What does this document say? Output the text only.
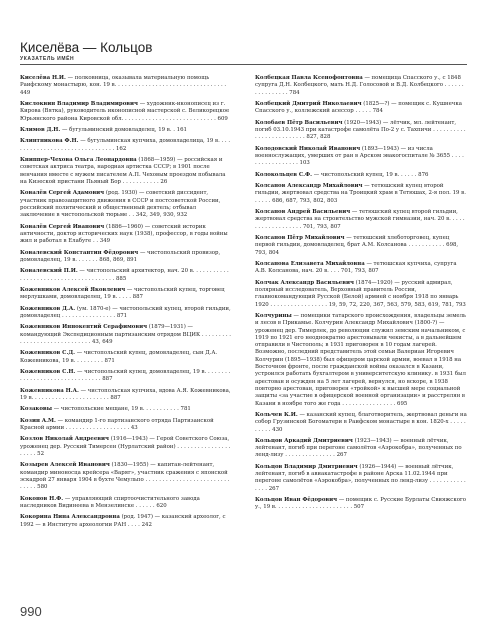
Киселёва — Кольцов
УКАЗАТЕЛЬ ИМЁН
Киселёва Н.И. — полковница, оказывала материальную помощь Раифскому монастырю, кон. 19 в. . . . . . . . . . . . . . . . . . . . . . . . . . . . . . . . . 449
Кислоквин Владимир Владимирович — художник-иконописец из г. Кирова (Вятка), руководитель иконописной мастерской с. Великорецкое Юрьянского района Кировской обл. . . . . . . . . . . . . . . . . . . . . . . . . . . . 609
Климов Д.Н. — бугульминский домовладелец, 19 в. . 161
Клинтникова Ф.Н. — бугульминская купчиха, домовладелица, 19 в. . . . . . . . . . . . . . . . . . . . . . . . . . . . . . . . 162
Книппер-Чехова Ольга Леонардовна (1868—1959) — российская и советская актриса театра, народная артистка СССР; в 1901 после венчания вместе с мужем писателем А.П. Чеховым проездом побывала на Кизеской пристани Пьяный Бор . . . . . . . . . . . 26
Ковалёв Сергей Адамович (род. 1930) — советский диссидент, участник правозащитного движения в СССР и постсоветской России, российский политический и общественный деятель; отбывал заключение в чистопольской тюрьме . . 342, 349, 930, 932
Ковалёв Сергей Иванович (1886—1960) — советский историк античности, доктор исторических наук (1938), профессор, в годы войны жил и работал в Елабуге . . 349
Ковалевский Константин Фёдорович — чистопольский провизор, домовладелец, 19 в. . . . . . . 868, 869, 891
Ковалевский П.И. — чистопольский архитектор, нач. 20 в. . . . . . . . . . . . . . . . . . . . . . . . . . . . . . . . . . . . . . . 885
Кожевников Алексей Яковлевич — чистопольский купец, торговец мерлушками, домовладелец, 19 в. . . . . 887
Кожевников Д.А. (ум. 1870-е) — чистопольский купец, второй гильдии, домовладелец . . . . . . . . . . . . . . . . 871
Кожевников Иннокентий Серафимович (1879—1931) — командующий Экспедиционным партизанским отрядом ВЦИК . . . . . . . . . . . . . . . . . . . . . . . . . . . . . . 43, 649
Кожевников С.Д. — чистопольский купец, домовладелец, сын Д.А. Кожевникова, 19 в. . . . . . . . . 871
Кожевников С.Н. — чистопольский купец, домовладелец, 19 в. . . . . . . . . . . . . . . . . . . . . . . . . . . . . . . . 887
Кожевникова Н.А. — чистопольская купчиха, вдова А.Я. Кожевникова, 19 в. . . . . . . . . . . . . . . . . . . . . . . 887
Козаковы — чистопольские мещане, 19 в. . . . . . . . . . . 781
Козин А.М. — командир 1-го партизанского отряда Партизанской Красной армии . . . . . . . . . . . . . . . . . . . 43
Козлов Николай Андреевич (1916—1943) — Герой Советского Союза, уроженец дер. Русский Тимерсен (Нурлатский район) . . . . . . . . . . . . . . . . . . . . . 52
Козырев Алексей Иванович (1830—1955) — капитан-лейтенант, командир миноносца крейсера «Варяг», участник сражения с японской эскадрой 27 января 1904 в бухте Чемульпо . . . . . . . . . . . . . . . . . . . . . . . . . . . . . . 580
Коконов Н.Ф. — управляющий спиртоочистительного завода наследников Видинеева в Мензелинске . . . . . . 620
Кокорина Нина Александровна (род. 1947) — казанский археолог, с 1992 — в Институте археологии РАН . . . . 242
Колбецкая Павла Ксенофонтовна — помещица Спасского у., с 1848 супруга Д.Н. Колбецкого, мать Н.Д. Голосовой и В.Д. Колбецкого . . . . . . . . . . . . . . . . 784
Колбецкий Дмитрий Николаевич (1825—?) — помещик с. Кушнечка Спасского у., коллежский асессор . . . . . 784
Колобаев Пётр Васильевич (1920—1943) — лётчик, мл. лейтенант, погиб 03.10.1943 при катастрофе самолёта По-2 у с. Тахпичи . . . . . . . . . . . . . . . . . . . . . . . . . 827, 828
Колодовский Николай Иванович (1893—1943) — из числа военнослужащих, умерших от ран в Арском эвакогоспитале № 3655 . . . . . . . . . . . . . . . . . 103
Колокольцев С.Ф. — чистопольский купец, 19 в. . . . . . 876
Колсанов Александр Михайлович — тетюшский купец второй гильдии, жертвовал средства на Троицкий храм в Тетюшах, 2-я пол. 19 в. . . . . . 686, 687, 793, 802, 803
Колсанов Андрей Васильевич — тетюшский купец второй гильдии, жертвовал средства на строительство мужской гимназии, нач. 20 в. . . . . . . . . . . . . . . . . . . 701, 793, 807
Колсанов Пётр Михайлович — тетюшский хлеботорговец, купец первой гильдии, домовладелец, брат А.М. Колсанова . . . . . . . . . . . 698, 793, 804
Колсанова Елизавета Михайловна — тетюшская купчиха, супруга А.В. Колсанова, нач. 20 в. . . . 701, 793, 807
Колчак Александр Васильевич (1874—1920) — русский адмирал, полярный исследователь, Верховный правитель России, главнокомандующий Русской (Белой) армией с ноября 1918 по январь 1920 . . . . . . . . . . . . . . . . . 19, 59, 72, 220, 367, 563, 579, 583, 619, 781, 793
Колчурины — помещики татарского происхождения, владельцы земель и лесов в Прикамье. Колчурин Александр Михайлович (1800-?) — уроженец дер. Тимерлек, до революции служил земским начальником, с 1919 по 1921 его неоднократно арестовывали чекисты, а в дальнейшем отправили в Чистополь; в 1931 приговорен в 10 годам лагерей. Возможно, последний представитель этой семьи Валериан Игоревич Колчурин (1895—1938) был офицером царской армии, воевал в 1918 на Восточном фронте, после гражданской войны оказался в Казани, устроился работать бухгалтером в университетскую клинику. в 1931 был арестован и осужден на 5 лет лагерей, вернулся, но вскоре, в 1938 повторно арестован, приговорен «тройкой» к высшей мере социальной защиты «за участие в офицерской военной организации» и расстрелян в Казани в ноябре того же года . . . . . . . . . . . . . . . . 695
Кольчев К.И. — казанский купец, благотворитель, жертвовал деньги на собор Грузинской Богоматери в Раифском монастыре в кон. 1820-х . . . . . . . . . . 430
Кольцов Аркадий Дмитриевич (1923—1943) — военный лётчик, лейтенант, погиб при перегоне самолётов «Аэрокобра», полученных по ленд-лизу . . . . . . . . . . . . . . . 267
Кольцов Владимир Дмитриевич (1926—1944) — военный лётчик, лейтенант, погиб в авиакатастрофе в районе Арска 11.02.1944 при перегоне самолётов «Аэрокобра», полученных по ленд-лизу . . . . . . . . . . . . . . . 267
Кольцов Иван Фёдорович — помещик с. Русские Бурлаты Свияжского у., 19 в. . . . . . . . . . . . . . . . . . . . . . . 507
990
